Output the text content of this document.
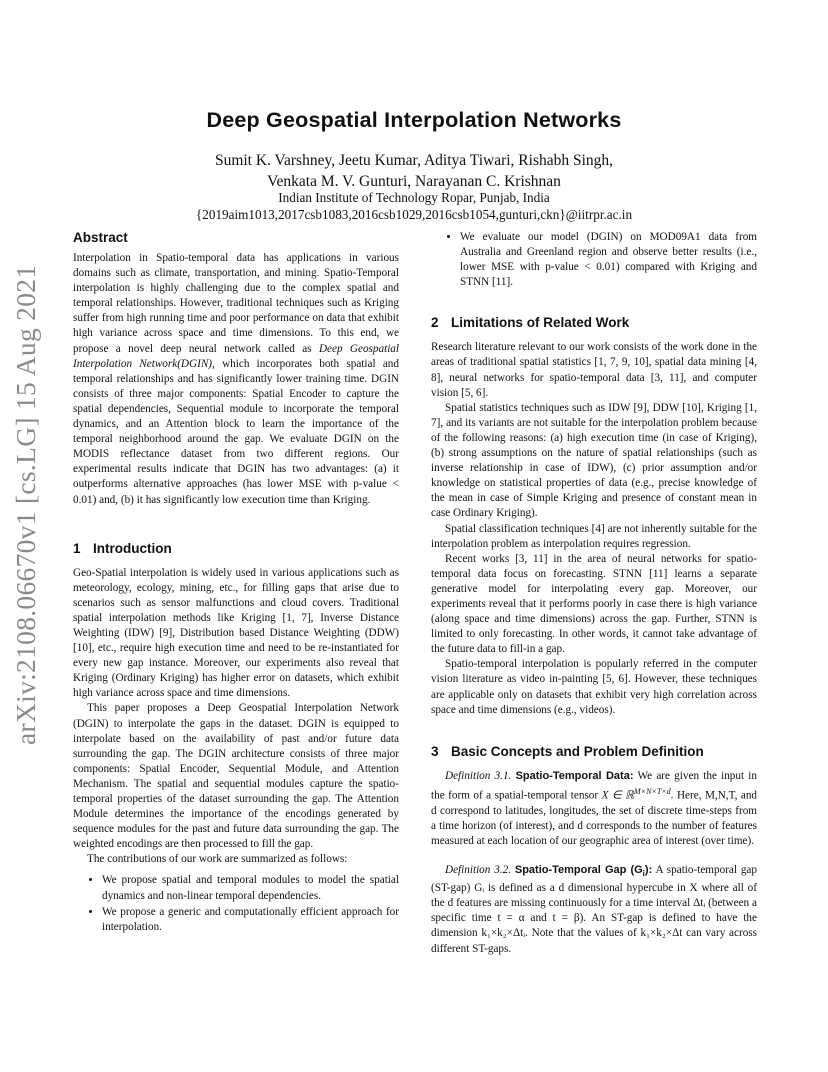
arXiv:2108.06670v1 [cs.LG] 15 Aug 2021
Deep Geospatial Interpolation Networks
Sumit K. Varshney, Jeetu Kumar, Aditya Tiwari, Rishabh Singh,
Venkata M. V. Gunturi, Narayanan C. Krishnan
Indian Institute of Technology Ropar, Punjab, India
{2019aim1013,2017csb1083,2016csb1029,2016csb1054,gunturi,ckn}@iitrpr.ac.in
Abstract

Interpolation in Spatio-temporal data has applications in various domains such as climate, transportation, and mining. Spatio-Temporal interpolation is highly challenging due to the complex spatial and temporal relationships. However, traditional techniques such as Kriging suffer from high running time and poor performance on data that exhibit high variance across space and time dimensions. To this end, we propose a novel deep neural network called as Deep Geospatial Interpolation Network(DGIN), which incorporates both spatial and temporal relationships and has significantly lower training time. DGIN consists of three major components: Spatial Encoder to capture the spatial dependencies, Sequential module to incorporate the temporal dynamics, and an Attention block to learn the importance of the temporal neighborhood around the gap. We evaluate DGIN on the MODIS reflectance dataset from two different regions. Our experimental results indicate that DGIN has two advantages: (a) it outperforms alternative approaches (has lower MSE with p-value < 0.01) and, (b) it has significantly low execution time than Kriging.

1 Introduction

Geo-Spatial interpolation is widely used in various applications such as meteorology, ecology, mining, etc., for filling gaps that arise due to scenarios such as sensor malfunctions and cloud covers. Traditional spatial interpolation methods like Kriging [1, 7], Inverse Distance Weighting (IDW) [9], Distribution based Distance Weighting (DDW) [10], etc., require high execution time and need to be re-instantiated for every new gap instance. Moreover, our experiments also reveal that Kriging (Ordinary Kriging) has higher error on datasets, which exhibit high variance across space and time dimensions.

This paper proposes a Deep Geospatial Interpolation Network (DGIN) to interpolate the gaps in the dataset. DGIN is equipped to interpolate based on the availability of past and/or future data surrounding the gap. The DGIN architecture consists of three major components: Spatial Encoder, Sequential Module, and Attention Mechanism. The spatial and sequential modules capture the spatio-temporal properties of the dataset surrounding the gap. The Attention Module determines the importance of the encodings generated by sequence modules for the past and future data surrounding the gap. The weighted encodings are then processed to fill the gap.

The contributions of our work are summarized as follows:

• We propose spatial and temporal modules to model the spatial dynamics and non-linear temporal dependencies.
• We propose a generic and computationally efficient approach for interpolation.
• We evaluate our model (DGIN) on MOD09A1 data from Australia and Greenland region and observe better results (i.e., lower MSE with p-value < 0.01) compared with Kriging and STNN [11].
2 Limitations of Related Work

Research literature relevant to our work consists of the work done in the areas of traditional spatial statistics [1, 7, 9, 10], spatial data mining [4, 8], neural networks for spatio-temporal data [3, 11], and computer vision [5, 6].

Spatial statistics techniques such as IDW [9], DDW [10], Kriging [1, 7], and its variants are not suitable for the interpolation problem because of the following reasons: (a) high execution time (in case of Kriging), (b) strong assumptions on the nature of spatial relationships (such as inverse relationship in case of IDW), (c) prior assumption and/or knowledge on statistical properties of data (e.g., precise knowledge of the mean in case of Simple Kriging and presence of constant mean in case Ordinary Kriging).

Spatial classification techniques [4] are not inherently suitable for the interpolation problem as interpolation requires regression.

Recent works [3, 11] in the area of neural networks for spatio-temporal data focus on forecasting. STNN [11] learns a separate generative model for interpolating every gap. Moreover, our experiments reveal that it performs poorly in case there is high variance (along space and time dimensions) across the gap. Further, STNN is limited to only forecasting. In other words, it cannot take advantage of the future data to fill-in a gap.

Spatio-temporal interpolation is popularly referred in the computer vision literature as video in-painting [5, 6]. However, these techniques are applicable only on datasets that exhibit very high correlation across space and time dimensions (e.g., videos).

3 Basic Concepts and Problem Definition

Definition 3.1. Spatio-Temporal Data: We are given the input in the form of a spatial-temporal tensor X ∈ ℝ$^{M\times N\times T\times d}$. Here, M,N,T, and d correspond to latitudes, longitudes, the set of discrete time-steps from a time horizon (of interest), and d corresponds to the number of features measured at each location of our geographic area of interest (over time).

Definition 3.2. Spatio-Temporal Gap $(G_i)$: A spatio-temporal gap (ST-gap) Gᵢ is defined as a d dimensional hypercube in X where all of the d features are missing continuously for a time interval Δtᵢ (between a specific time t = α and t = β). An ST-gap is defined to have the dimension k₁×k₂×Δtᵢ. Note that the values of k₁×k₂×Δt can vary across different ST-gaps.
